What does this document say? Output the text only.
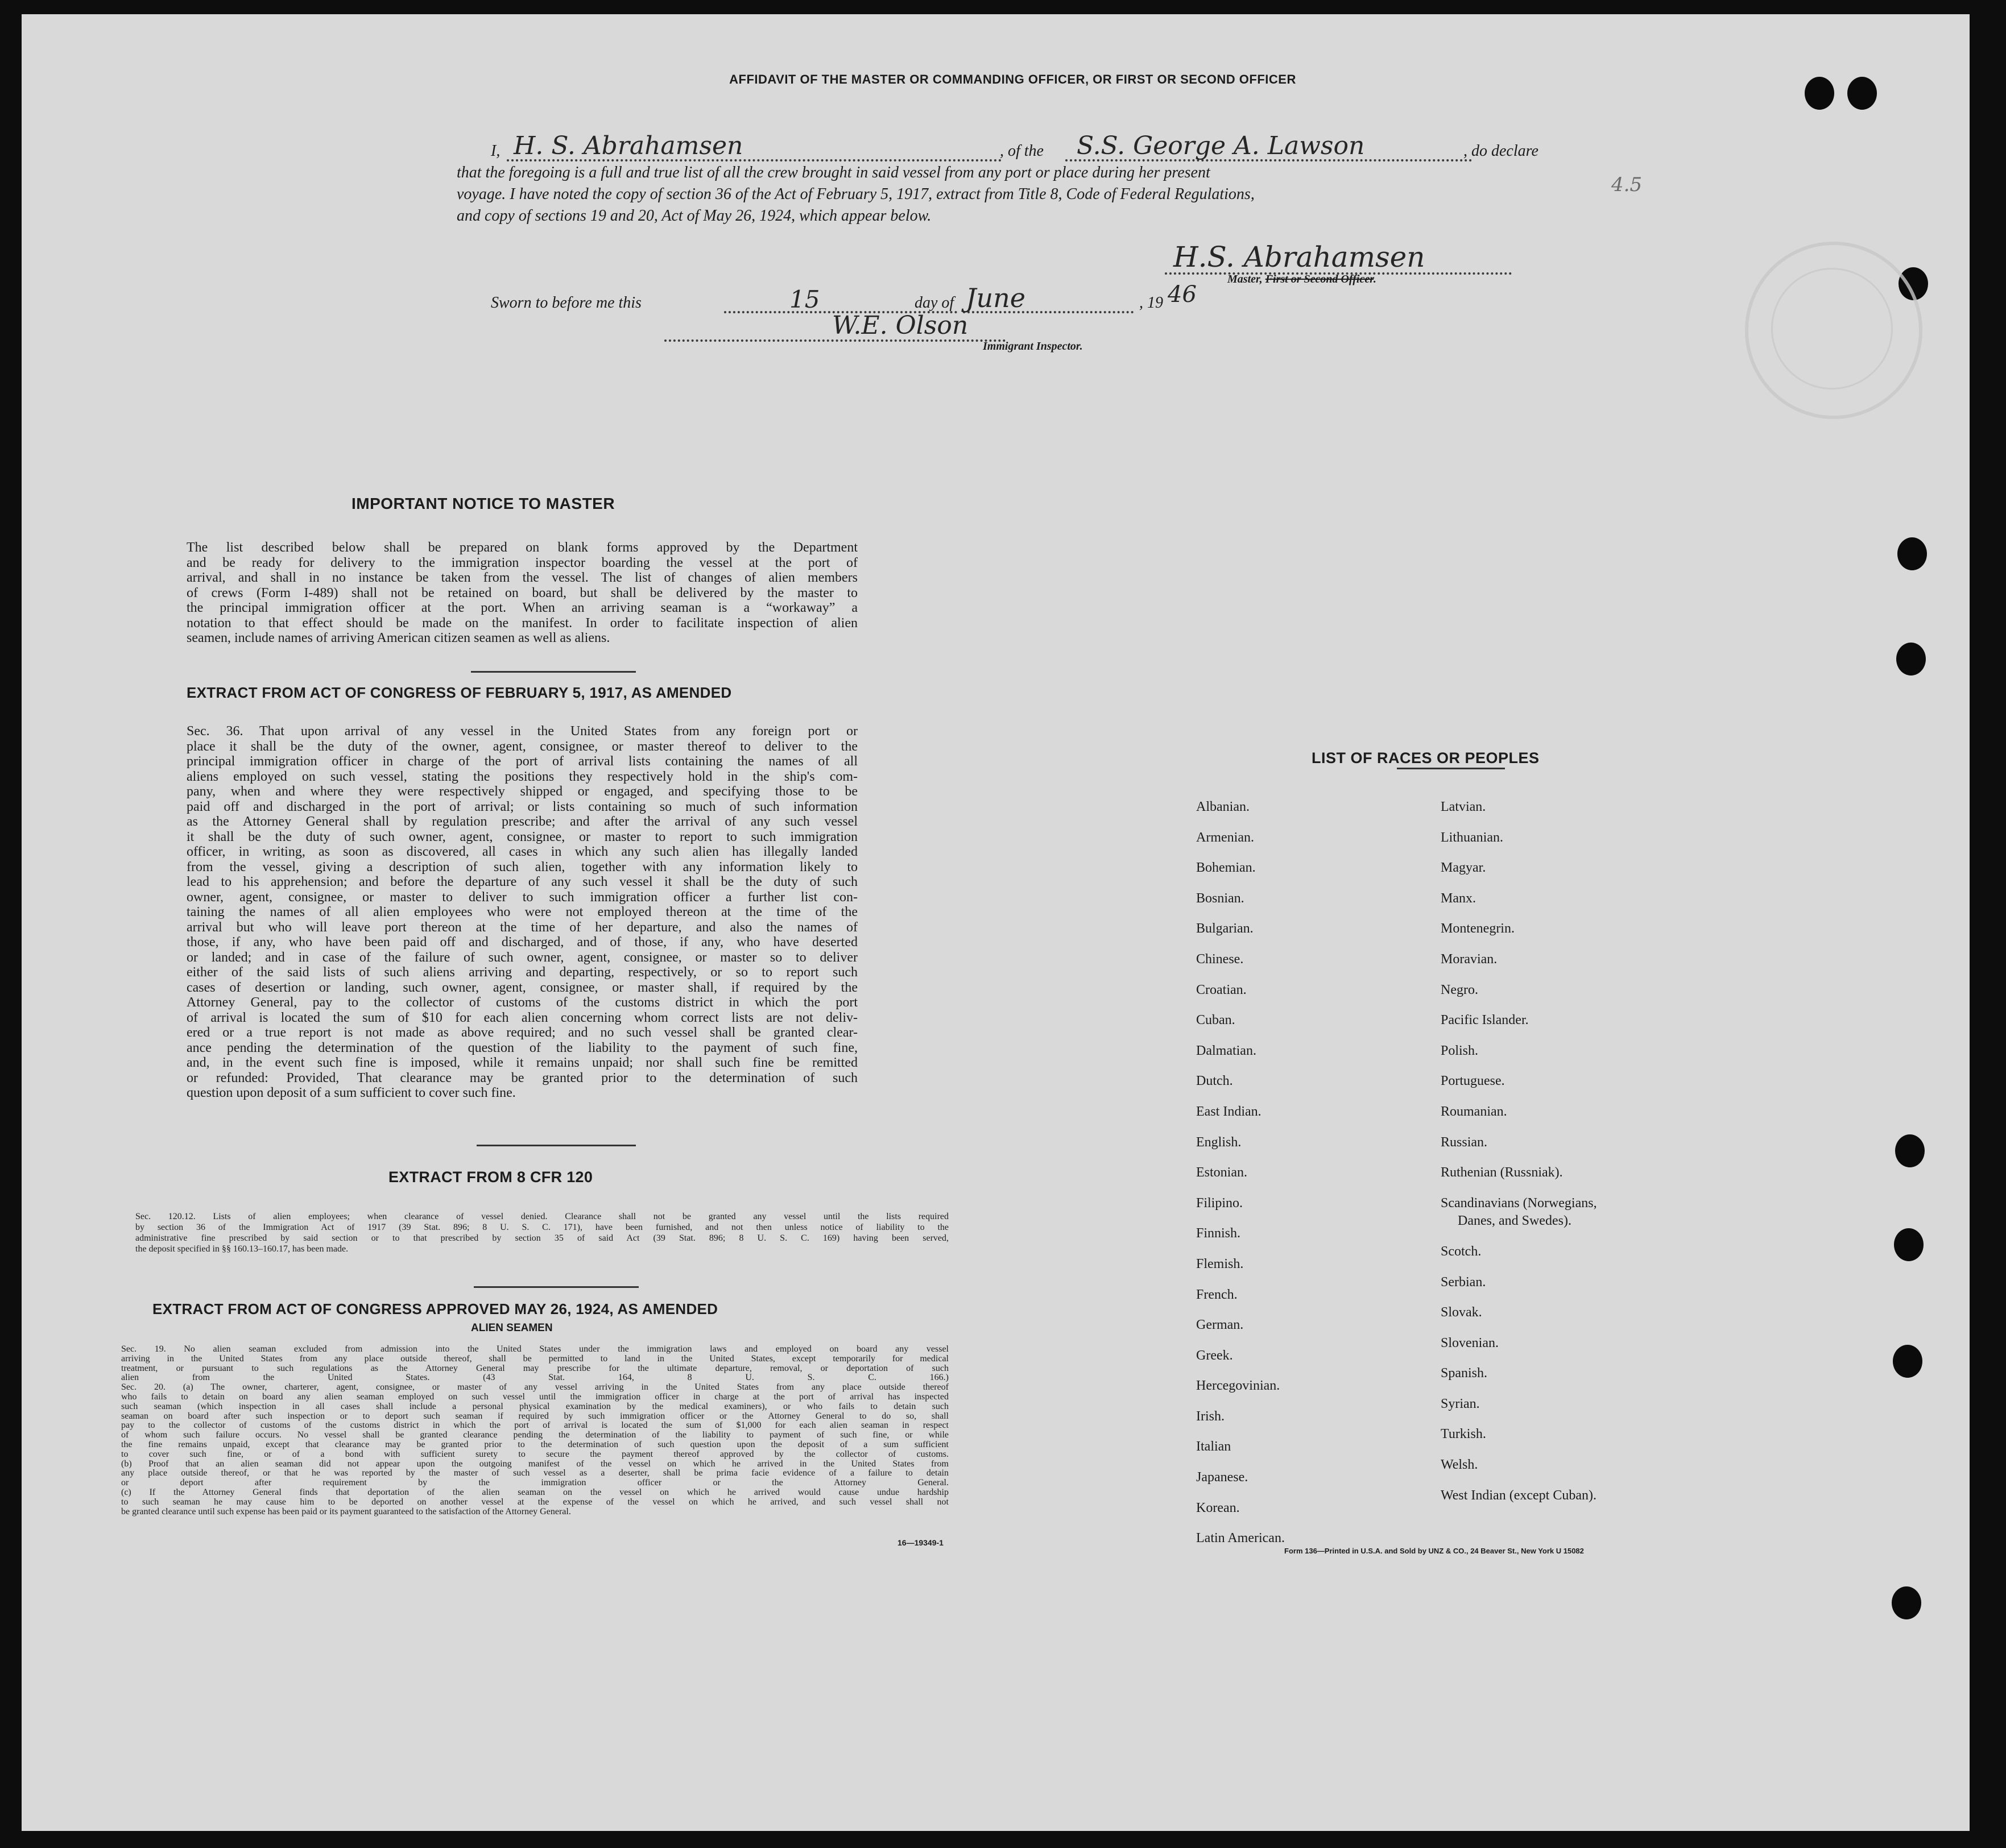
4.5
AFFIDAVIT OF THE MASTER OR COMMANDING OFFICER, OR FIRST OR SECOND OFFICER
I, H. S. Abrahamsen	, of the S.S. George A. Lawson	, do declare
that the foregoing is a full and true list of all the crew brought in said vessel from any port or place during her present
voyage. I have noted the copy of section 36 of the Act of February 5, 1917, extract from Title 8, Code of Federal Regulations,
and copy of sections 19 and 20, Act of May 26, 1924, which appear below.
H.S. Abrahamsen
Master, First or Second Officer.
Sworn to before me this	15	day of June	, 19 46
W.E. Olson
Immigrant Inspector.
IMPORTANT NOTICE TO MASTER
The list described below shall be prepared on blank forms approved by the Department
and be ready for delivery to the immigration inspector boarding the vessel at the port of
arrival, and shall in no instance be taken from the vessel. The list of changes of alien members
of crews (Form I-489) shall not be retained on board, but shall be delivered by the master to
the principal immigration officer at the port. When an arriving seaman is a “workaway” a
notation to that effect should be made on the manifest. In order to facilitate inspection of alien
seamen, include names of arriving American citizen seamen as well as aliens.
EXTRACT FROM ACT OF CONGRESS OF FEBRUARY 5, 1917, AS AMENDED
Sec. 36. That upon arrival of any vessel in the United States from any foreign port or
place it shall be the duty of the owner, agent, consignee, or master thereof to deliver to the
principal immigration officer in charge of the port of arrival lists containing the names of all
aliens employed on such vessel, stating the positions they respectively hold in the ship's com-
pany, when and where they were respectively shipped or engaged, and specifying those to be
paid off and discharged in the port of arrival; or lists containing so much of such information
as the Attorney General shall by regulation prescribe; and after the arrival of any such vessel
it shall be the duty of such owner, agent, consignee, or master to report to such immigration
officer, in writing, as soon as discovered, all cases in which any such alien has illegally landed
from the vessel, giving a description of such alien, together with any information likely to
lead to his apprehension; and before the departure of any such vessel it shall be the duty of such
owner, agent, consignee, or master to deliver to such immigration officer a further list con-
taining the names of all alien employees who were not employed thereon at the time of the
arrival but who will leave port thereon at the time of her departure, and also the names of
those, if any, who have been paid off and discharged, and of those, if any, who have deserted
or landed; and in case of the failure of such owner, agent, consignee, or master so to deliver
either of the said lists of such aliens arriving and departing, respectively, or so to report such
cases of desertion or landing, such owner, agent, consignee, or master shall, if required by the
Attorney General, pay to the collector of customs of the customs district in which the port
of arrival is located the sum of $10 for each alien concerning whom correct lists are not deliv-
ered or a true report is not made as above required; and no such vessel shall be granted clear-
ance pending the determination of the question of the liability to the payment of such fine,
and, in the event such fine is imposed, while it remains unpaid; nor shall such fine be remitted
or refunded: Provided, That clearance may be granted prior to the determination of such
question upon deposit of a sum sufficient to cover such fine.
EXTRACT FROM 8 CFR 120
Sec. 120.12. Lists of alien employees; when clearance of vessel denied. Clearance shall not be granted any vessel until the lists required
by section 36 of the Immigration Act of 1917 (39 Stat. 896; 8 U. S. C. 171), have been furnished, and not then unless notice of liability to the
administrative fine prescribed by said section or to that prescribed by section 35 of said Act (39 Stat. 896; 8 U. S. C. 169) having been served,
the deposit specified in §§ 160.13–160.17, has been made.
EXTRACT FROM ACT OF CONGRESS APPROVED MAY 26, 1924, AS AMENDED
ALIEN SEAMEN
Sec. 19. No alien seaman excluded from admission into the United States under the immigration laws and employed on board any vessel
arriving in the United States from any place outside thereof, shall be permitted to land in the United States, except temporarily for medical
treatment, or pursuant to such regulations as the Attorney General may prescribe for the ultimate departure, removal, or deportation of such
alien from the United States. (43 Stat. 164, 8 U. S. C. 166.)
Sec. 20. (a) The owner, charterer, agent, consignee, or master of any vessel arriving in the United States from any place outside thereof
who fails to detain on board any alien seaman employed on such vessel until the immigration officer in charge at the port of arrival has inspected
such seaman (which inspection in all cases shall include a personal physical examination by the medical examiners), or who fails to detain such
seaman on board after such inspection or to deport such seaman if required by such immigration officer or the Attorney General to do so, shall
pay to the collector of customs of the customs district in which the port of arrival is located the sum of $1,000 for each alien seaman in respect
of whom such failure occurs. No vessel shall be granted clearance pending the determination of the liability to payment of such fine, or while
the fine remains unpaid, except that clearance may be granted prior to the determination of such question upon the deposit of a sum sufficient
to cover such fine, or of a bond with sufficient surety to secure the payment thereof approved by the collector of customs.
(b) Proof that an alien seaman did not appear upon the outgoing manifest of the vessel on which he arrived in the United States from
any place outside thereof, or that he was reported by the master of such vessel as a deserter, shall be prima facie evidence of a failure to detain
or deport after requirement by the immigration officer or the Attorney General.
(c) If the Attorney General finds that deportation of the alien seaman on the vessel on which he arrived would cause undue hardship
to such seaman he may cause him to be deported on another vessel at the expense of the vessel on which he arrived, and such vessel shall not
be granted clearance until such expense has been paid or its payment guaranteed to the satisfaction of the Attorney General.
16—19349-1
LIST OF RACES OR PEOPLES
Albanian.
Armenian.
Bohemian.
Bosnian.
Bulgarian.
Chinese.
Croatian.
Cuban.
Dalmatian.
Dutch.
East Indian.
English.
Estonian.
Filipino.
Finnish.
Flemish.
French.
German.
Greek.
Hercegovinian.
Irish.
Italian
Japanese.
Korean.
Latin American.
Latvian.
Lithuanian.
Magyar.
Manx.
Montenegrin.
Moravian.
Negro.
Pacific Islander.
Polish.
Portuguese.
Roumanian.
Russian.
Ruthenian (Russniak).
Scandinavians (Norwegians,
Danes, and Swedes).
Scotch.
Serbian.
Slovak.
Slovenian.
Spanish.
Syrian.
Turkish.
Welsh.
West Indian (except Cuban).
Form 136—Printed in U.S.A. and Sold by UNZ & CO., 24 Beaver St., New York U 15082
